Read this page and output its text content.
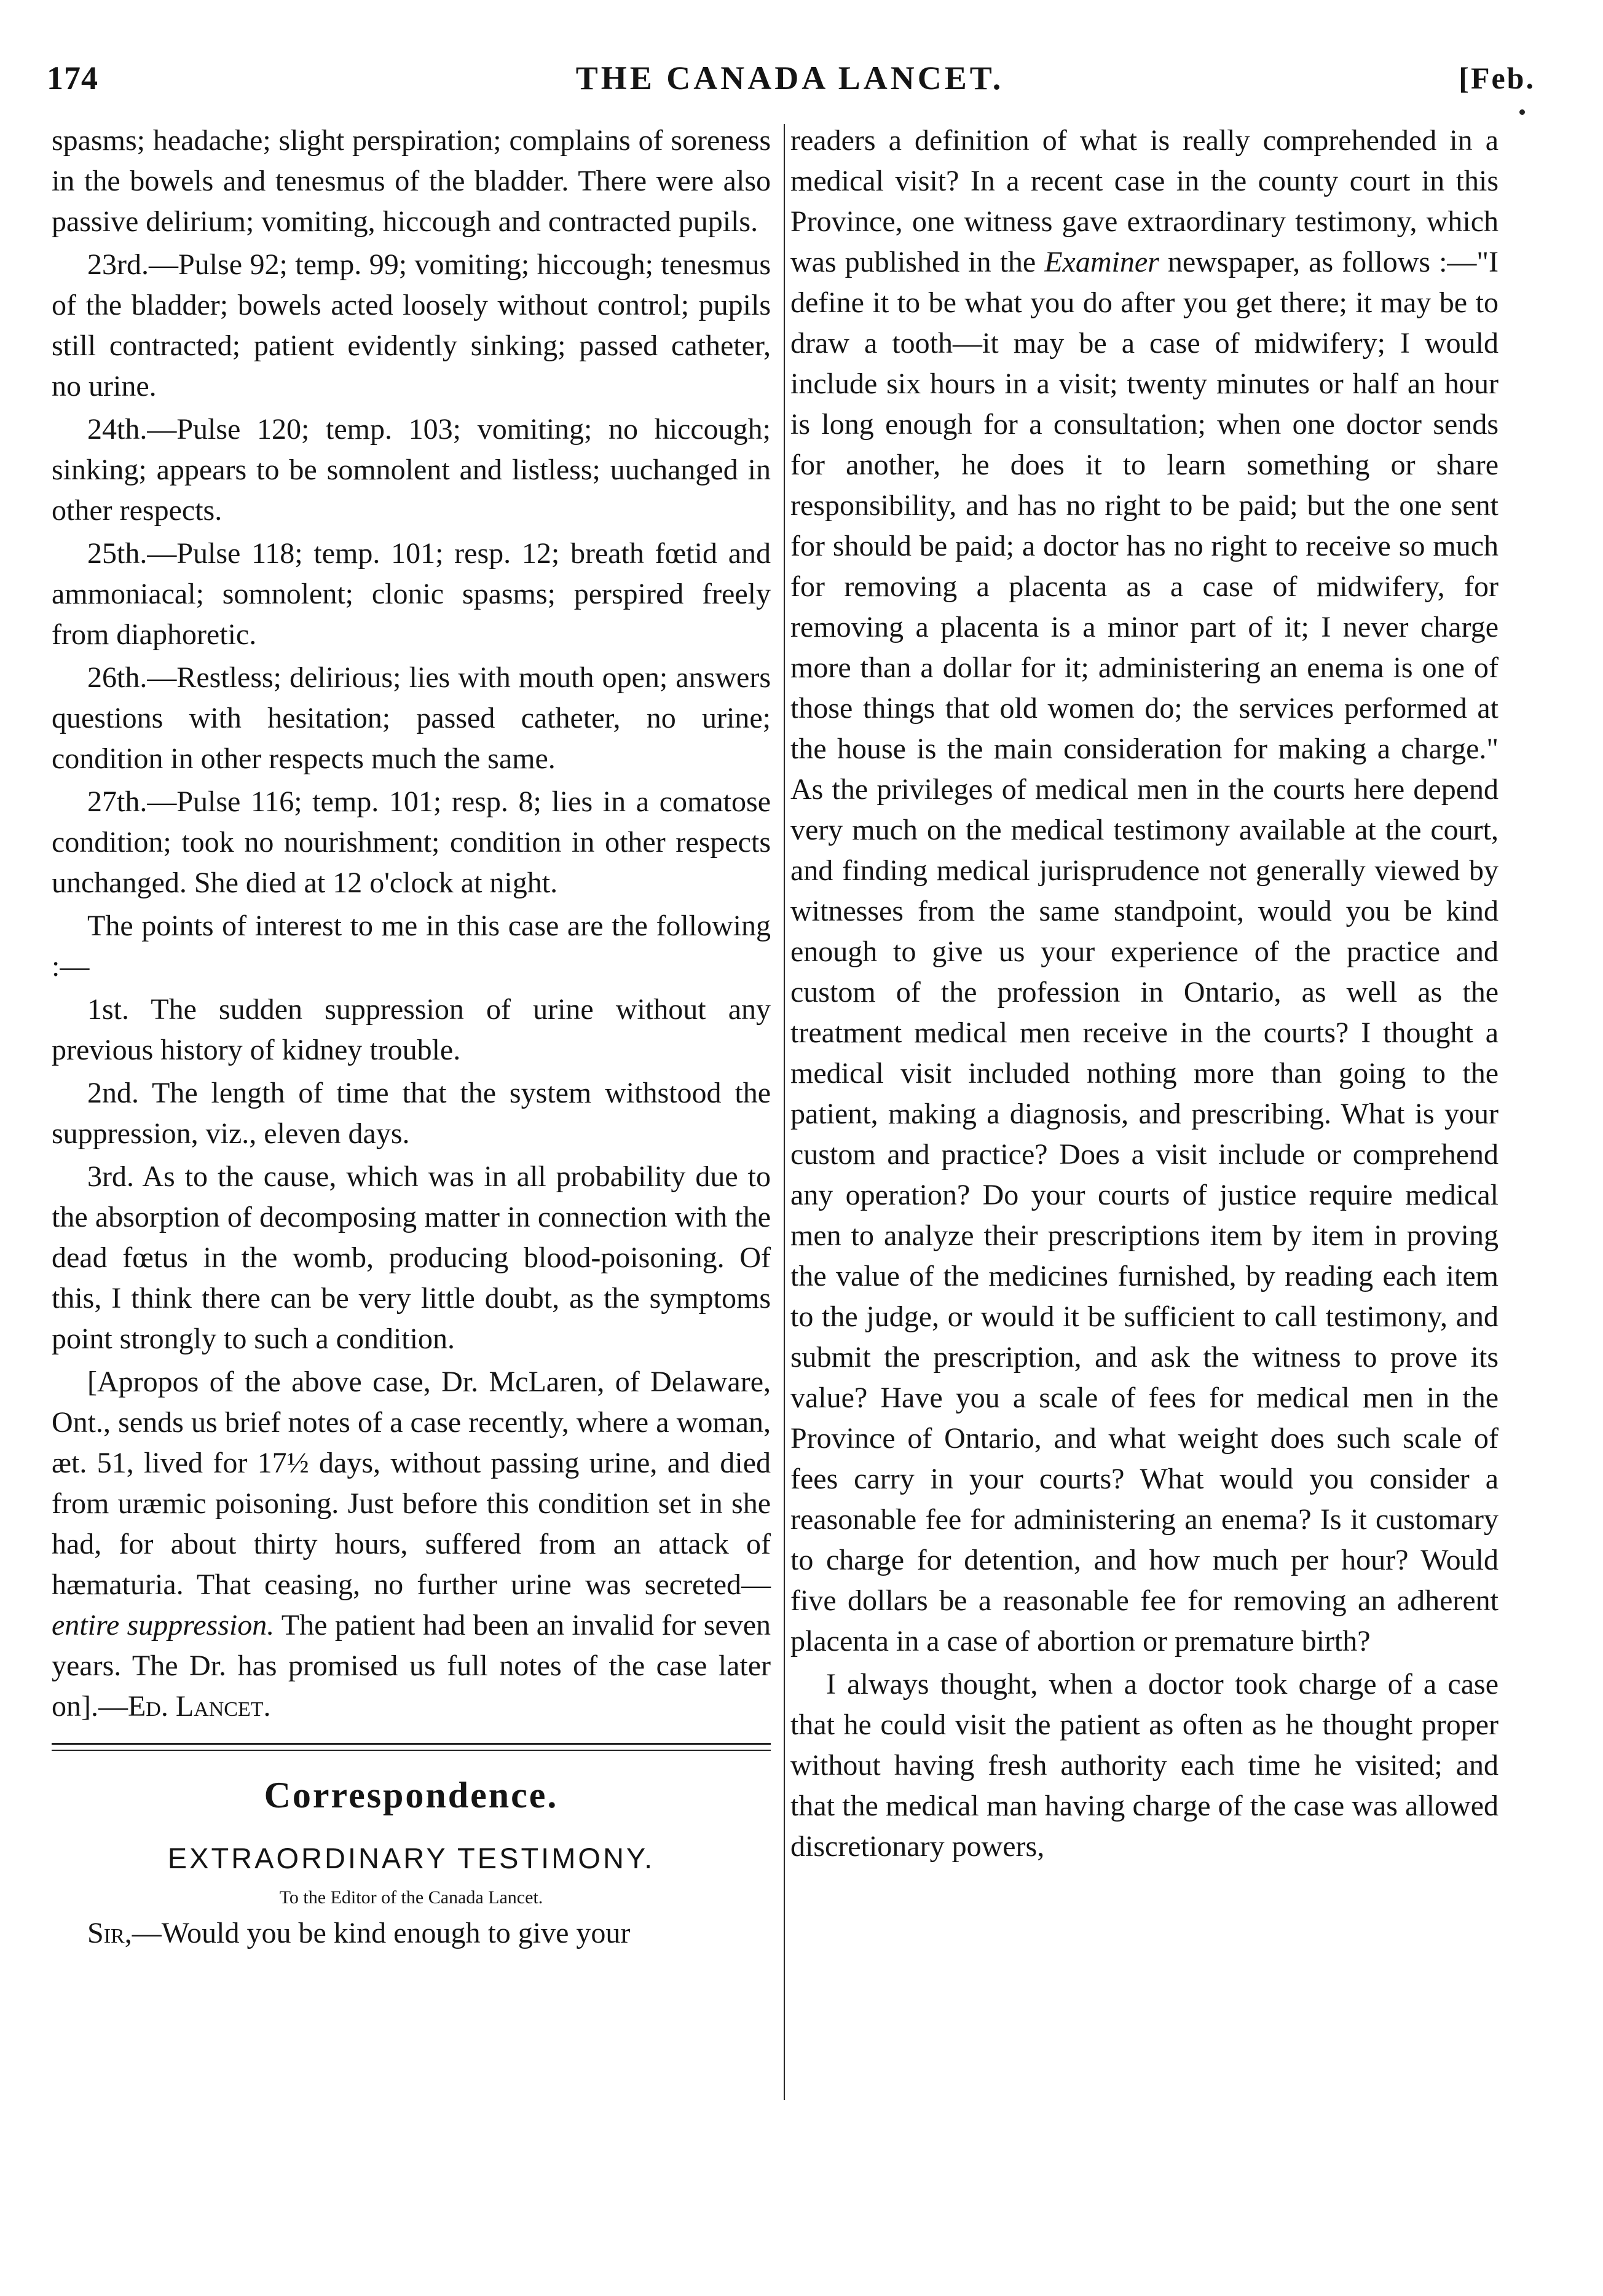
174	THE CANADA LANCET.	[Feb.

spasms; headache; slight perspiration; complains of soreness in the bowels and tenesmus of the bladder. There were also passive delirium; vomiting, hiccough and contracted pupils.

23rd.—Pulse 92; temp. 99; vomiting; hiccough; tenesmus of the bladder; bowels acted loosely without control; pupils still contracted; patient evidently sinking; passed catheter, no urine.

24th.—Pulse 120; temp. 103; vomiting; no hiccough; sinking; appears to be somnolent and listless; uuchanged in other respects.

25th.—Pulse 118; temp. 101; resp. 12; breath fœtid and ammoniacal; somnolent; clonic spasms; perspired freely from diaphoretic.

26th.—Restless; delirious; lies with mouth open; answers questions with hesitation; passed catheter, no urine; condition in other respects much the same.

27th.—Pulse 116; temp. 101; resp. 8; lies in a comatose condition; took no nourishment; condition in other respects unchanged. She died at 12 o'clock at night.

The points of interest to me in this case are the following :—

1st. The sudden suppression of urine without any previous history of kidney trouble.

2nd. The length of time that the system withstood the suppression, viz., eleven days.

3rd. As to the cause, which was in all probability due to the absorption of decomposing matter in connection with the dead fœtus in the womb, producing blood-poisoning. Of this, I think there can be very little doubt, as the symptoms point strongly to such a condition.

[Apropos of the above case, Dr. McLaren, of Delaware, Ont., sends us brief notes of a case recently, where a woman, æt. 51, lived for 17½ days, without passing urine, and died from uræmic poisoning. Just before this condition set in she had, for about thirty hours, suffered from an attack of hæmaturia. That ceasing, no further urine was secreted—entire suppression. The patient had been an invalid for seven years. The Dr. has promised us full notes of the case later on].—Ed. Lancet.

Correspondence.
EXTRAORDINARY TESTIMONY.
To the Editor of the Canada Lancet.

Sir,—Would you be kind enough to give your

readers a definition of what is really comprehended in a medical visit? In a recent case in the county court in this Province, one witness gave extraordinary testimony, which was published in the Examiner newspaper, as follows :—"I define it to be what you do after you get there; it may be to draw a tooth—it may be a case of midwifery; I would include six hours in a visit; twenty minutes or half an hour is long enough for a consultation; when one doctor sends for another, he does it to learn something or share responsibility, and has no right to be paid; but the one sent for should be paid; a doctor has no right to receive so much for removing a placenta as a case of midwifery, for removing a placenta is a minor part of it; I never charge more than a dollar for it; administering an enema is one of those things that old women do; the services performed at the house is the main consideration for making a charge." As the privileges of medical men in the courts here depend very much on the medical testimony available at the court, and finding medical jurisprudence not generally viewed by witnesses from the same standpoint, would you be kind enough to give us your experience of the practice and custom of the profession in Ontario, as well as the treatment medical men receive in the courts? I thought a medical visit included nothing more than going to the patient, making a diagnosis, and prescribing. What is your custom and practice? Does a visit include or comprehend any operation? Do your courts of justice require medical men to analyze their prescriptions item by item in proving the value of the medicines furnished, by reading each item to the judge, or would it be sufficient to call testimony, and submit the prescription, and ask the witness to prove its value? Have you a scale of fees for medical men in the Province of Ontario, and what weight does such scale of fees carry in your courts? What would you consider a reasonable fee for administering an enema? Is it customary to charge for detention, and how much per hour? Would five dollars be a reasonable fee for removing an adherent placenta in a case of abortion or premature birth?

I always thought, when a doctor took charge of a case that he could visit the patient as often as he thought proper without having fresh authority each time he visited; and that the medical man having charge of the case was allowed discretionary powers,
